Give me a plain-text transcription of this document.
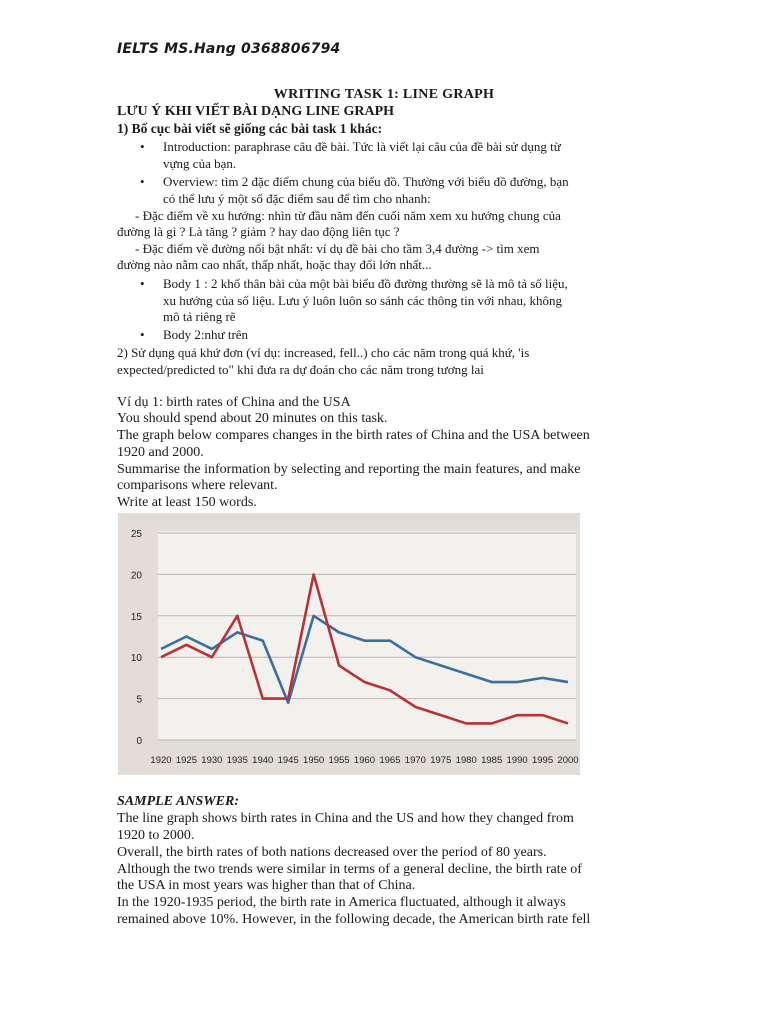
IELTS MS.Hang 0368806794
WRITING TASK 1: LINE GRAPH
LƯU Ý KHI VIẾT BÀI DẠNG LINE GRAPH
1) Bố cục bài viết sẽ giống các bài task 1 khác:
• Introduction: paraphrase câu đề bài. Tức là viết lại câu của đề bài sử dụng từ
vựng của bạn.
• Overview: tìm 2 đặc điểm chung của biểu đồ. Thường với biểu đồ đường, bạn
có thể lưu ý một số đặc điểm sau để tìm cho nhanh:
- Đặc điểm về xu hướng: nhìn từ đầu năm đến cuối năm xem xu hướng chung của
đường là gì ? Là tăng ? giảm ? hay dao động liên tục ?
- Đặc điểm về đường nổi bật nhất: ví dụ đề bài cho tầm 3,4 đường -> tìm xem
đường nào nằm cao nhất, thấp nhất, hoặc thay đổi lớn nhất...
• Body 1 : 2 khổ thân bài của một bài biểu đồ đường thường sẽ là mô tả số liệu,
xu hướng của số liệu. Lưu ý luôn luôn so sánh các thông tin với nhau, không
mô tả riêng rẽ
• Body 2:như trên
2) Sử dụng quá khứ đơn (ví dụ: increased, fell..) cho các năm trong quá khứ, 'is
expected/predicted to" khi đưa ra dự đoán cho các năm trong tương lai
Ví dụ 1: birth rates of China and the USA
You should spend about 20 minutes on this task.
The graph below compares changes in the birth rates of China and the USA between
1920 and 2000.
Summarise the information by selecting and reporting the main features, and make
comparisons where relevant.
Write at least 150 words.
0
5
10
15
20
25
1920 1925 1930 1935 1940 1945 1950 1955 1960 1965 1970 1975 1980 1985 1990 1995 2000
SAMPLE ANSWER:
The line graph shows birth rates in China and the US and how they changed from
1920 to 2000.
Overall, the birth rates of both nations decreased over the period of 80 years.
Although the two trends were similar in terms of a general decline, the birth rate of
the USA in most years was higher than that of China.
In the 1920-1935 period, the birth rate in America fluctuated, although it always
remained above 10%. However, in the following decade, the American birth rate fell
